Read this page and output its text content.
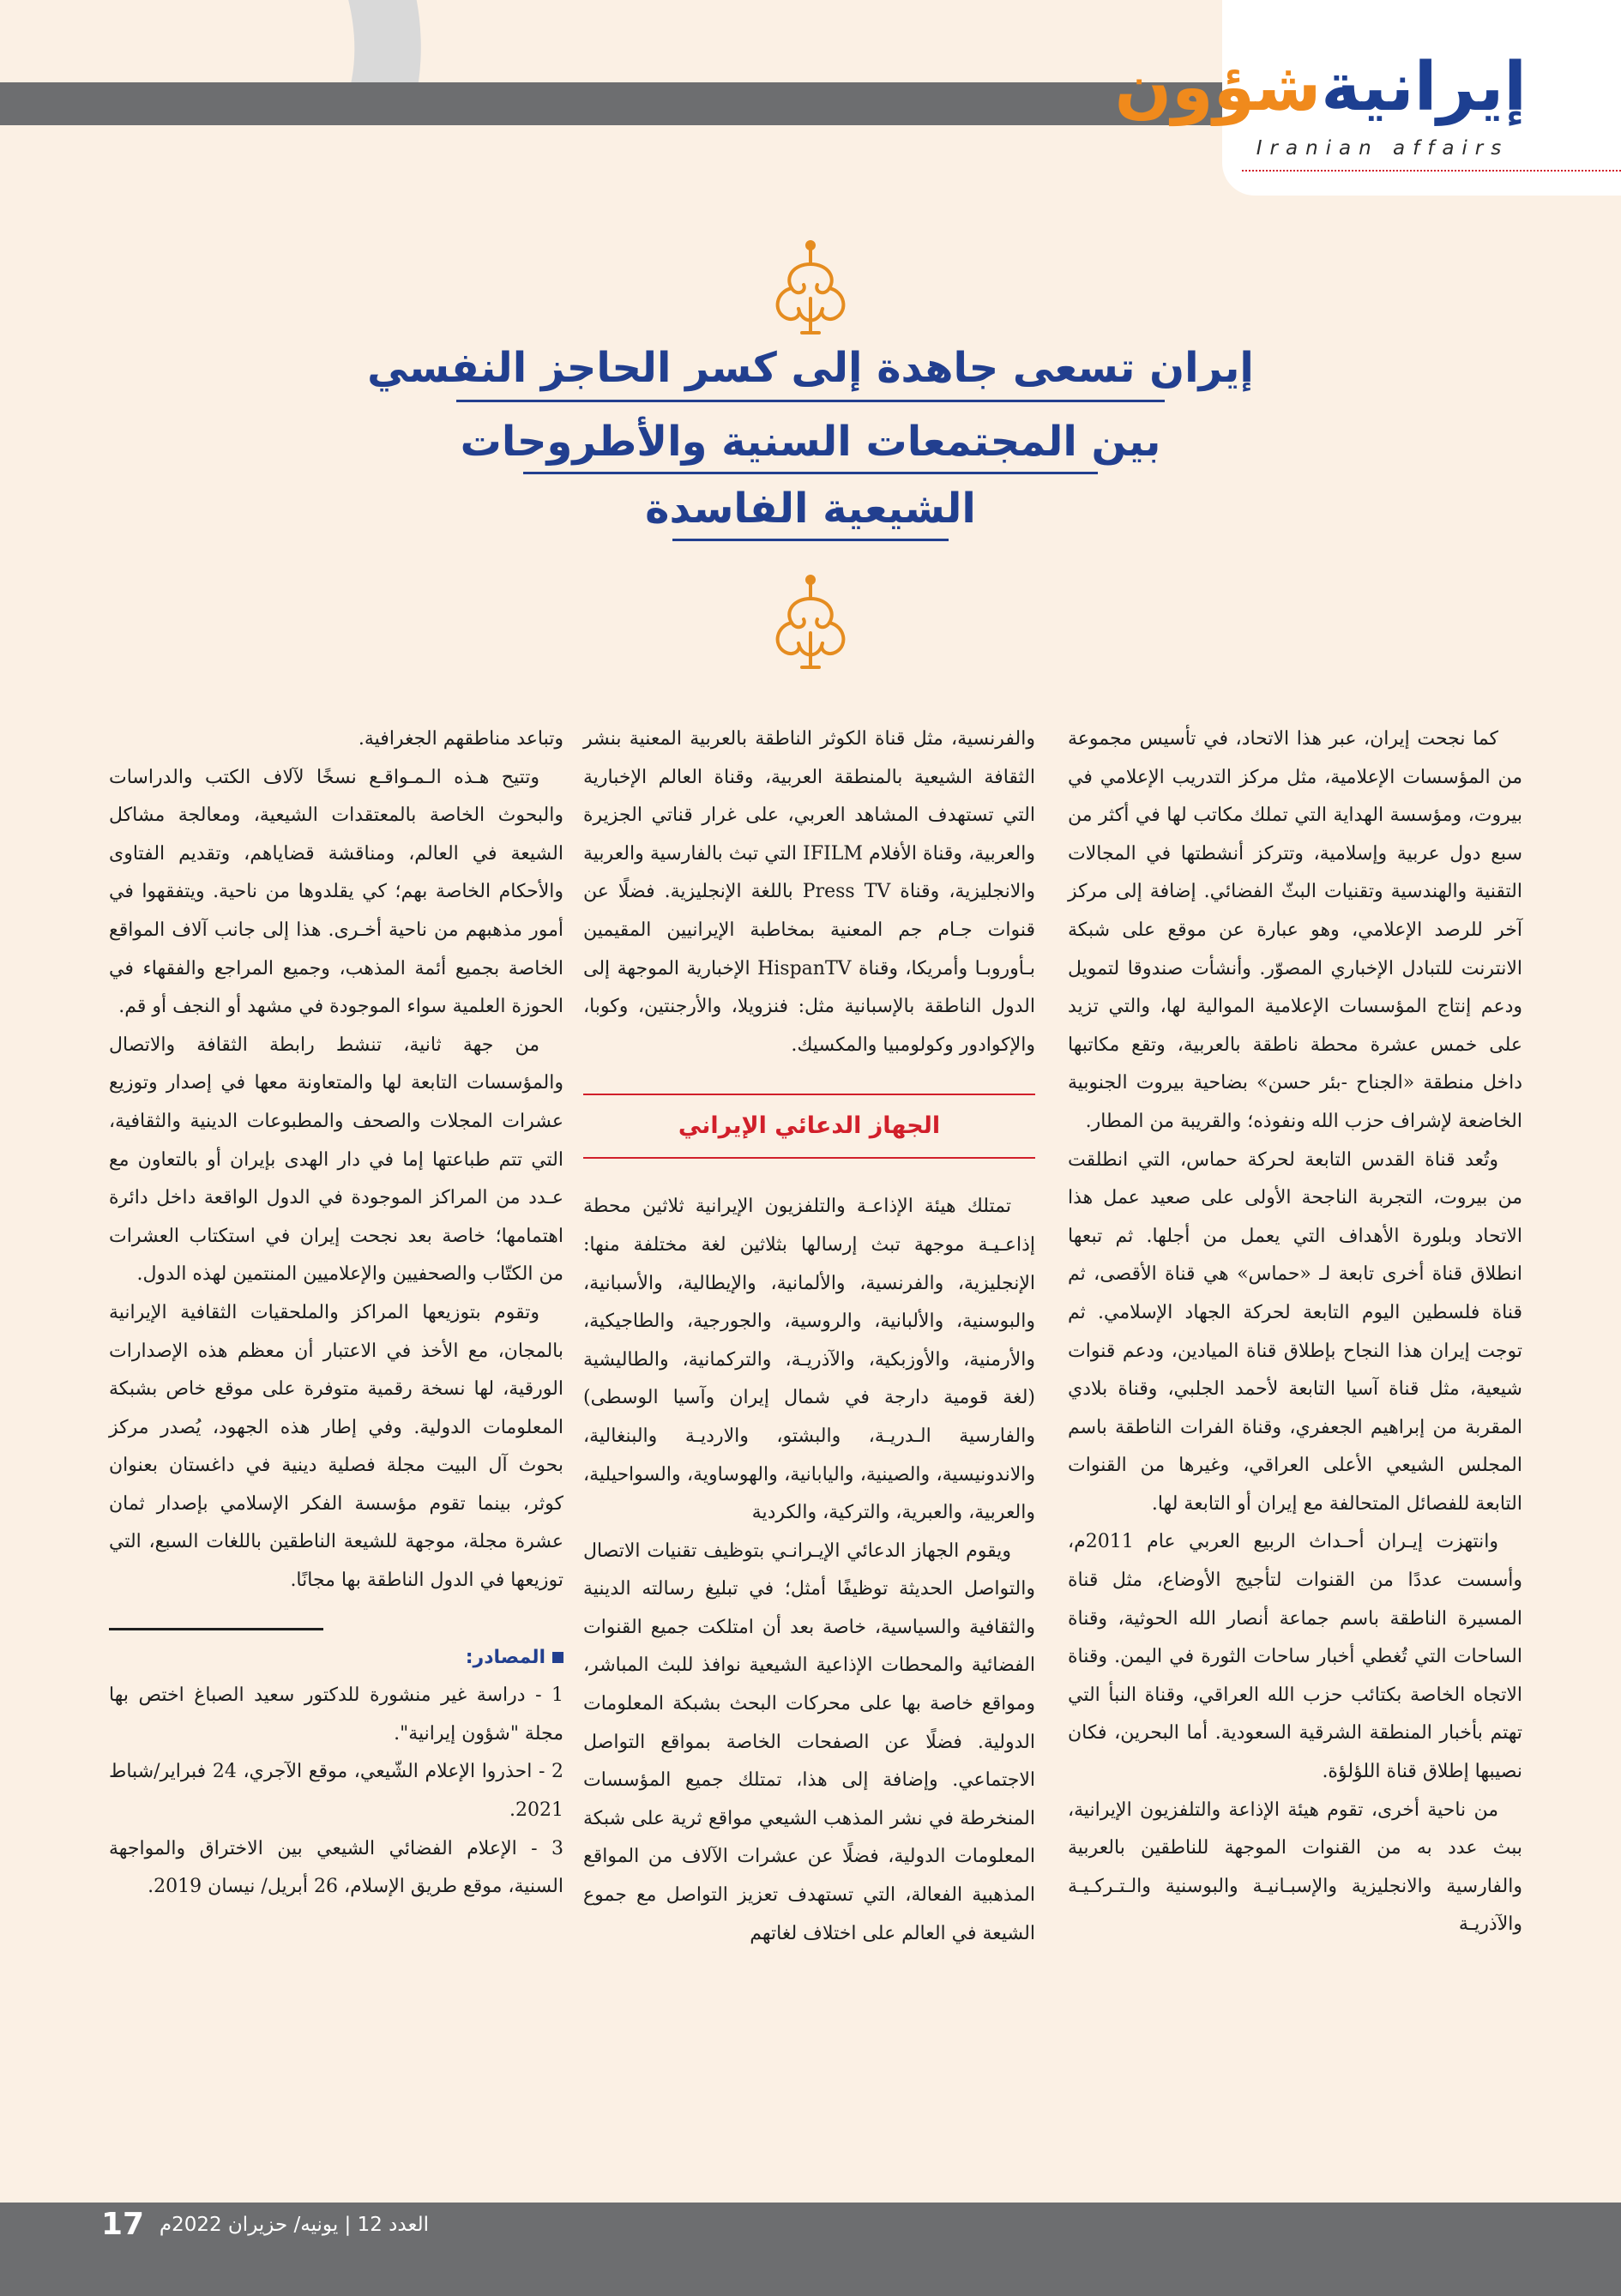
إيرانيةشؤون
Iranian affairs
إيران تسعى جاهدة إلى كسر الحاجز النفسي
بين المجتمعات السنية والأطروحات
الشيعية الفاسدة

كما نجحت إيران، عبر هذا الاتحاد، في تأسيس مجموعة من المؤسسات الإعلامية، مثل مركز التدريب الإعلامي في بيروت، ومؤسسة الهداية التي تملك مكاتب لها في أكثر من سبع دول عربية وإسلامية، وتتركز أنشطتها في المجالات التقنية والهندسية وتقنيات البثّ الفضائي. إضافة إلى مركز آخر للرصد الإعلامي، وهو عبارة عن موقع على شبكة الانترنت للتبادل الإخباري المصوّر. وأنشأت صندوقا لتمويل ودعم إنتاج المؤسسات الإعلامية الموالية لها، والتي تزيد على خمس عشرة محطة ناطقة بالعربية، وتقع مكاتبها داخل منطقة «الجناح -بئر حسن» بضاحية بيروت الجنوبية الخاضعة لإشراف حزب الله ونفوذه؛ والقريبة من المطار.

وتُعد قناة القدس التابعة لحركة حماس، التي انطلقت من بيروت، التجربة الناجحة الأولى على صعيد عمل هذا الاتحاد وبلورة الأهداف التي يعمل من أجلها. ثم تبعها انطلاق قناة أخرى تابعة لـ «حماس» هي قناة الأقصى، ثم قناة فلسطين اليوم التابعة لحركة الجهاد الإسلامي. ثم توجت إيران هذا النجاح بإطلاق قناة الميادين، ودعم قنوات شيعية، مثل قناة آسيا التابعة لأحمد الجلبي، وقناة بلادي المقربة من إبراهيم الجعفري، وقناة الفرات الناطقة باسم المجلس الشيعي الأعلى العراقي، وغيرها من القنوات التابعة للفصائل المتحالفة مع إيران أو التابعة لها.

وانتهزت إيـران أحـداث الربيع العربي عام 2011م، وأسست عددًا من القنوات لتأجيج الأوضاع، مثل قناة المسيرة الناطقة باسم جماعة أنصار الله الحوثية، وقناة الساحات التي تُغطي أخبار ساحات الثورة في اليمن. وقناة الاتجاه الخاصة بكتائب حزب الله العراقي، وقناة النبأ التي تهتم بأخبار المنطقة الشرقية السعودية. أما البحرين، فكان نصيبها إطلاق قناة اللؤلؤة.

من ناحية أخرى، تقوم هيئة الإذاعة والتلفزيون الإيرانية، ببث عدد به من القنوات الموجهة للناطقين بالعربية والفارسية والانجليزية والإسبـانيـة والبوسنية والـتـركـيـة والآذريـة

والفرنسية، مثل قناة الكوثر الناطقة بالعربية المعنية بنشر الثقافة الشيعية بالمنطقة العربية، وقناة العالم الإخبارية التي تستهدف المشاهد العربي، على غرار قناتي الجزيرة والعربية، وقناة الأفلام IFILM التي تبث بالفارسية والعربية والانجليزية، وقناة Press TV باللغة الإنجليزية. فضلًا عن قنوات جـام جم المعنية بمخاطبة الإيرانيين المقيمين بـأوروبـا وأمريكا، وقناة HispanTV الإخبارية الموجهة إلى الدول الناطقة بالإسبانية مثل: فنزويلا، والأرجنتين، وكوبا، والإكوادور وكولومبيا والمكسيك.

الجهاز الدعائي الإيراني

تمتلك هيئة الإذاعـة والتلفزيون الإيرانية ثلاثين محطة إذاعـيـة موجهة تبث إرسالها بثلاثين لغة مختلفة منها: الإنجليزية، والفرنسية، والألمانية، والإيطالية، والأسبانية، والبوسنية، والألبانية، والروسية، والجورجية، والطاجيكية، والأرمنية، والأوزبكية، والآذريـة، والتركمانية، والطاليشية (لغة قومية دارجة في شمال إيران وآسيا الوسطى) والفارسية الـدريـة، والبشتو، والارديـة والبنغالية، والاندونيسية، والصينية، واليابانية، والهوساوية، والسواحيلية، والعربية، والعبرية، والتركية، والكردية

ويقوم الجهاز الدعائي الإيـرانـي بتوظيف تقنيات الاتصال والتواصل الحديثة توظيفًا أمثل؛ في تبليغ رسالته الدينية والثقافية والسياسية، خاصة بعد أن امتلكت جميع القنوات الفضائية والمحطات الإذاعية الشيعية نوافذ للبث المباشر، ومواقع خاصة بها على محركات البحث بشبكة المعلومات الدولية. فضلًا عن الصفحات الخاصة بمواقع التواصل الاجتماعي. وإضافة إلى هذا، تمتلك جميع المؤسسات المنخرطة في نشر المذهب الشيعي مواقع ثرية على شبكة المعلومات الدولية، فضلًا عن عشرات الآلاف من المواقع المذهبية الفعالة، التي تستهدف تعزيز التواصل مع جموع الشيعة في العالم على اختلاف لغاتهم

وتباعد مناطقهم الجغرافية.

وتتيح هـذه الـمـواقـع نسخًا لآلاف الكتب والدراسات والبحوث الخاصة بالمعتقدات الشيعية، ومعالجة مشاكل الشيعة في العالم، ومناقشة قضاياهم، وتقديم الفتاوى والأحكام الخاصة بهم؛ كي يقلدوها من ناحية. ويتفقهوا في أمور مذهبهم من ناحية أخـرى. هذا إلى جانب آلاف المواقع الخاصة بجميع أئمة المذهب، وجميع المراجع والفقهاء في الحوزة العلمية سواء الموجودة في مشهد أو النجف أو قم.

من جهة ثانية، تنشط رابطة الثقافة والاتصال والمؤسسات التابعة لها والمتعاونة معها في إصدار وتوزيع عشرات المجلات والصحف والمطبوعات الدينية والثقافية، التي تتم طباعتها إما في دار الهدى بإيران أو بالتعاون مع عـدد من المراكز الموجودة في الدول الواقعة داخل دائرة اهتمامها؛ خاصة بعد نجحت إيران في استكتاب العشرات من الكتّاب والصحفيين والإعلاميين المنتمين لهذه الدول.

وتقوم بتوزيعها المراكز والملحقيات الثقافية الإيرانية بالمجان، مع الأخذ في الاعتبار أن معظم هذه الإصدارات الورقية، لها نسخة رقمية متوفرة على موقع خاص بشبكة المعلومات الدولية. وفي إطار هذه الجهود، يُصدر مركز بحوث آل البيت مجلة فصلية دينية في داغستان بعنوان كوثر، بينما تقوم مؤسسة الفكر الإسلامي بإصدار ثمان عشرة مجلة، موجهة للشيعة الناطقين باللغات السبع، التي توزيعها في الدول الناطقة بها مجانًا.

المصادر:

1 - دراسة غير منشورة للدكتور سعيد الصباغ اختص بها مجلة "شؤون إيرانية".

2 - احذروا الإعلام الشّيعي، موقع الآجري، 24 فبراير/شباط 2021.

3 - الإعلام الفضائي الشيعي بين الاختراق والمواجهة السنية، موقع طريق الإسلام، 26 أبريل/ نيسان 2019.

العدد 12 | يونيه/ حزيران 2022م
17
